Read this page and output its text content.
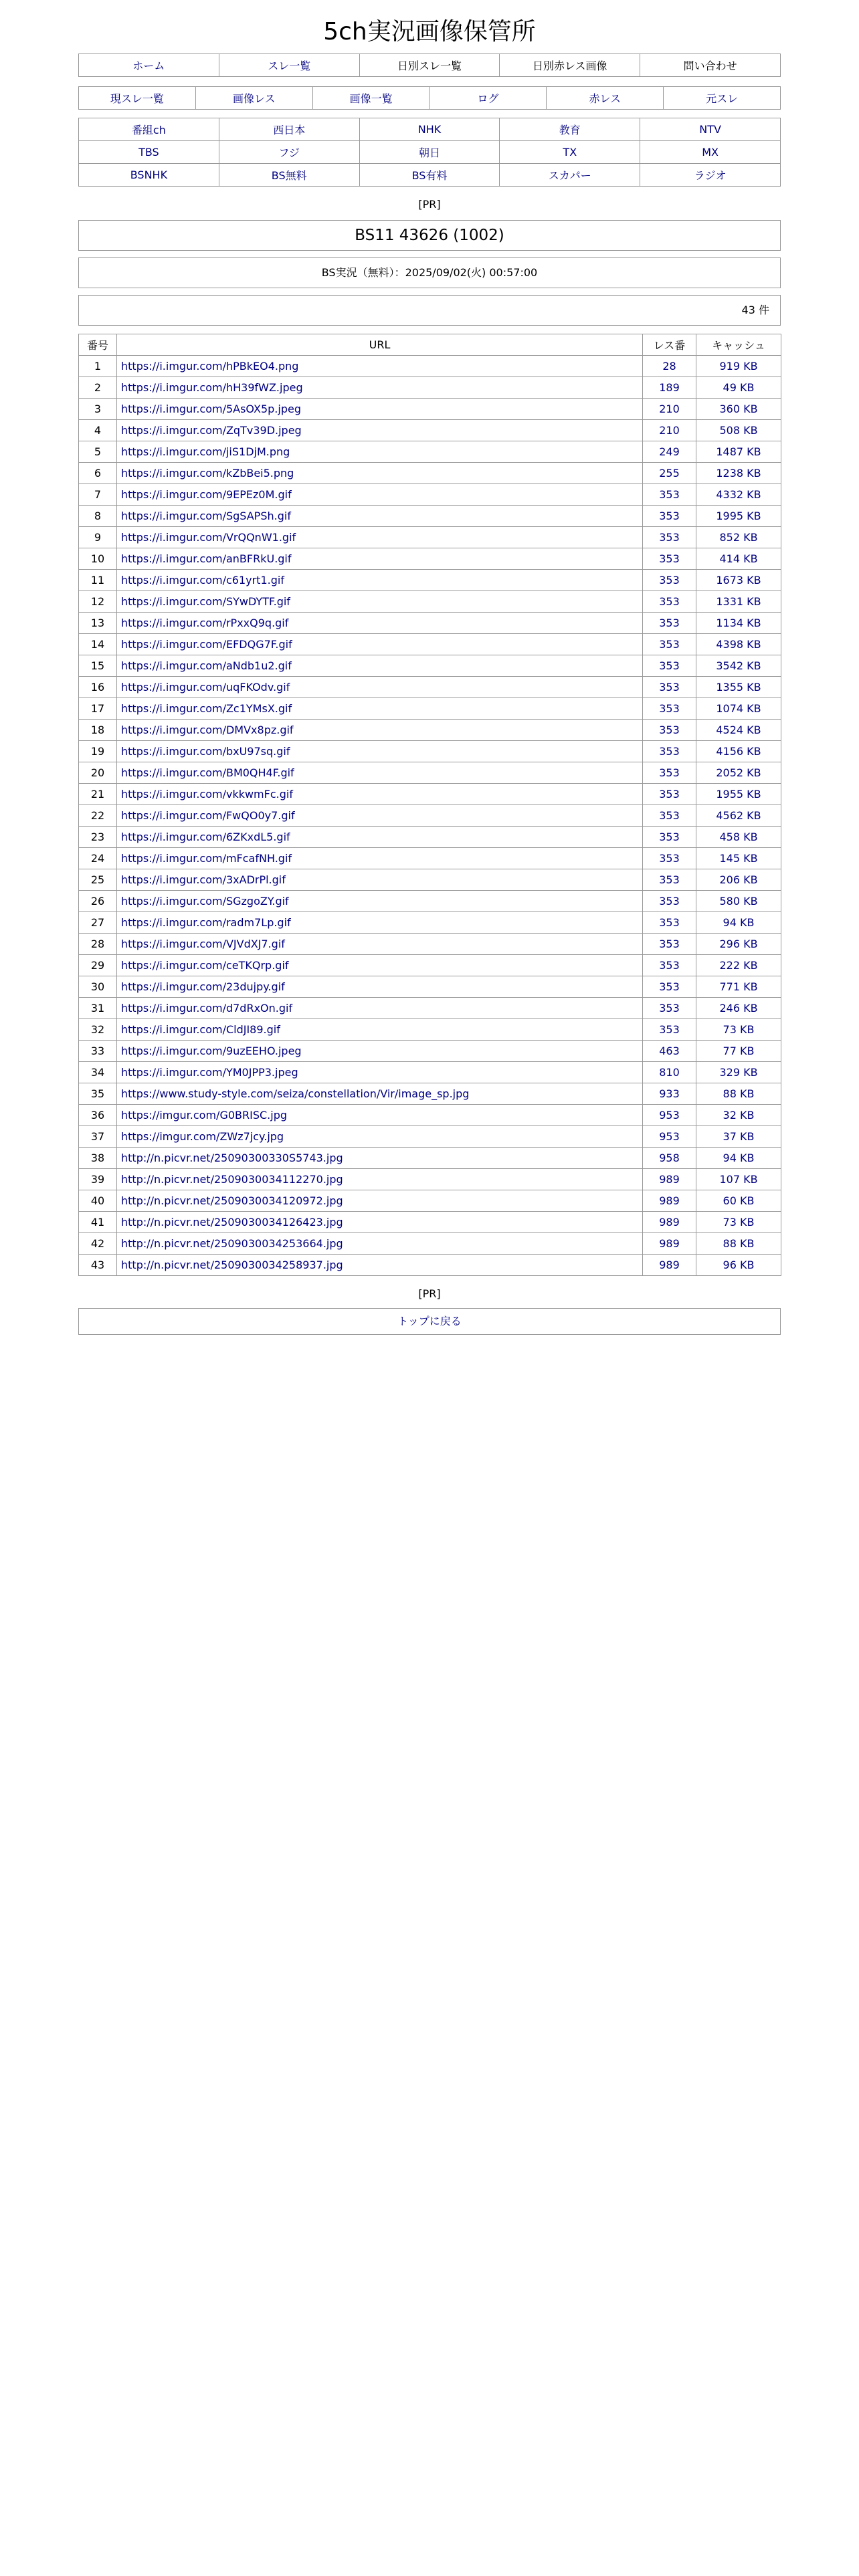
5ch実況画像保管所
ホーム	スレ一覧	日別スレ一覧	日別赤レス画像	問い合わせ
現スレ一覧	画像レス	画像一覧	ログ	赤レス	元スレ
番組ch	西日本	NHK	教育	NTV
TBS	フジ	朝日	TX	MX
BSNHK	BS無料	BS有料	スカパー	ラジオ
[PR]
BS11 43626 (1002)
BS実況（無料）：2025/09/02(火) 00:57:00
43 件
番号	URL	レス番	キャッシュ
1	https://i.imgur.com/hPBkEO4.png	28	919 KB
2	https://i.imgur.com/hH39fWZ.jpeg	189	49 KB
3	https://i.imgur.com/5AsOX5p.jpeg	210	360 KB
4	https://i.imgur.com/ZqTv39D.jpeg	210	508 KB
5	https://i.imgur.com/jiS1DjM.png	249	1487 KB
6	https://i.imgur.com/kZbBei5.png	255	1238 KB
7	https://i.imgur.com/9EPEz0M.gif	353	4332 KB
8	https://i.imgur.com/SgSAPSh.gif	353	1995 KB
9	https://i.imgur.com/VrQQnW1.gif	353	852 KB
10	https://i.imgur.com/anBFRkU.gif	353	414 KB
11	https://i.imgur.com/c61yrt1.gif	353	1673 KB
12	https://i.imgur.com/SYwDYTF.gif	353	1331 KB
13	https://i.imgur.com/rPxxQ9q.gif	353	1134 KB
14	https://i.imgur.com/EFDQG7F.gif	353	4398 KB
15	https://i.imgur.com/aNdb1u2.gif	353	3542 KB
16	https://i.imgur.com/uqFKOdv.gif	353	1355 KB
17	https://i.imgur.com/Zc1YMsX.gif	353	1074 KB
18	https://i.imgur.com/DMVx8pz.gif	353	4524 KB
19	https://i.imgur.com/bxU97sq.gif	353	4156 KB
20	https://i.imgur.com/BM0QH4F.gif	353	2052 KB
21	https://i.imgur.com/vkkwmFc.gif	353	1955 KB
22	https://i.imgur.com/FwQO0y7.gif	353	4562 KB
23	https://i.imgur.com/6ZKxdL5.gif	353	458 KB
24	https://i.imgur.com/mFcafNH.gif	353	145 KB
25	https://i.imgur.com/3xADrPl.gif	353	206 KB
26	https://i.imgur.com/SGzgoZY.gif	353	580 KB
27	https://i.imgur.com/radm7Lp.gif	353	94 KB
28	https://i.imgur.com/VJVdXJ7.gif	353	296 KB
29	https://i.imgur.com/ceTKQrp.gif	353	222 KB
30	https://i.imgur.com/23dujpy.gif	353	771 KB
31	https://i.imgur.com/d7dRxOn.gif	353	246 KB
32	https://i.imgur.com/CldJI89.gif	353	73 KB
33	https://i.imgur.com/9uzEEHO.jpeg	463	77 KB
34	https://i.imgur.com/YM0JPP3.jpeg	810	329 KB
35	https://www.study-style.com/seiza/constellation/Vir/image_sp.jpg	933	88 KB
36	https://imgur.com/G0BRISC.jpg	953	32 KB
37	https://imgur.com/ZWz7jcy.jpg	953	37 KB
38	http://n.picvr.net/25090300330S5743.jpg	958	94 KB
39	http://n.picvr.net/2509030034112270.jpg	989	107 KB
40	http://n.picvr.net/2509030034120972.jpg	989	60 KB
41	http://n.picvr.net/2509030034126423.jpg	989	73 KB
42	http://n.picvr.net/2509030034253664.jpg	989	88 KB
43	http://n.picvr.net/2509030034258937.jpg	989	96 KB
[PR]
トップに戻る
